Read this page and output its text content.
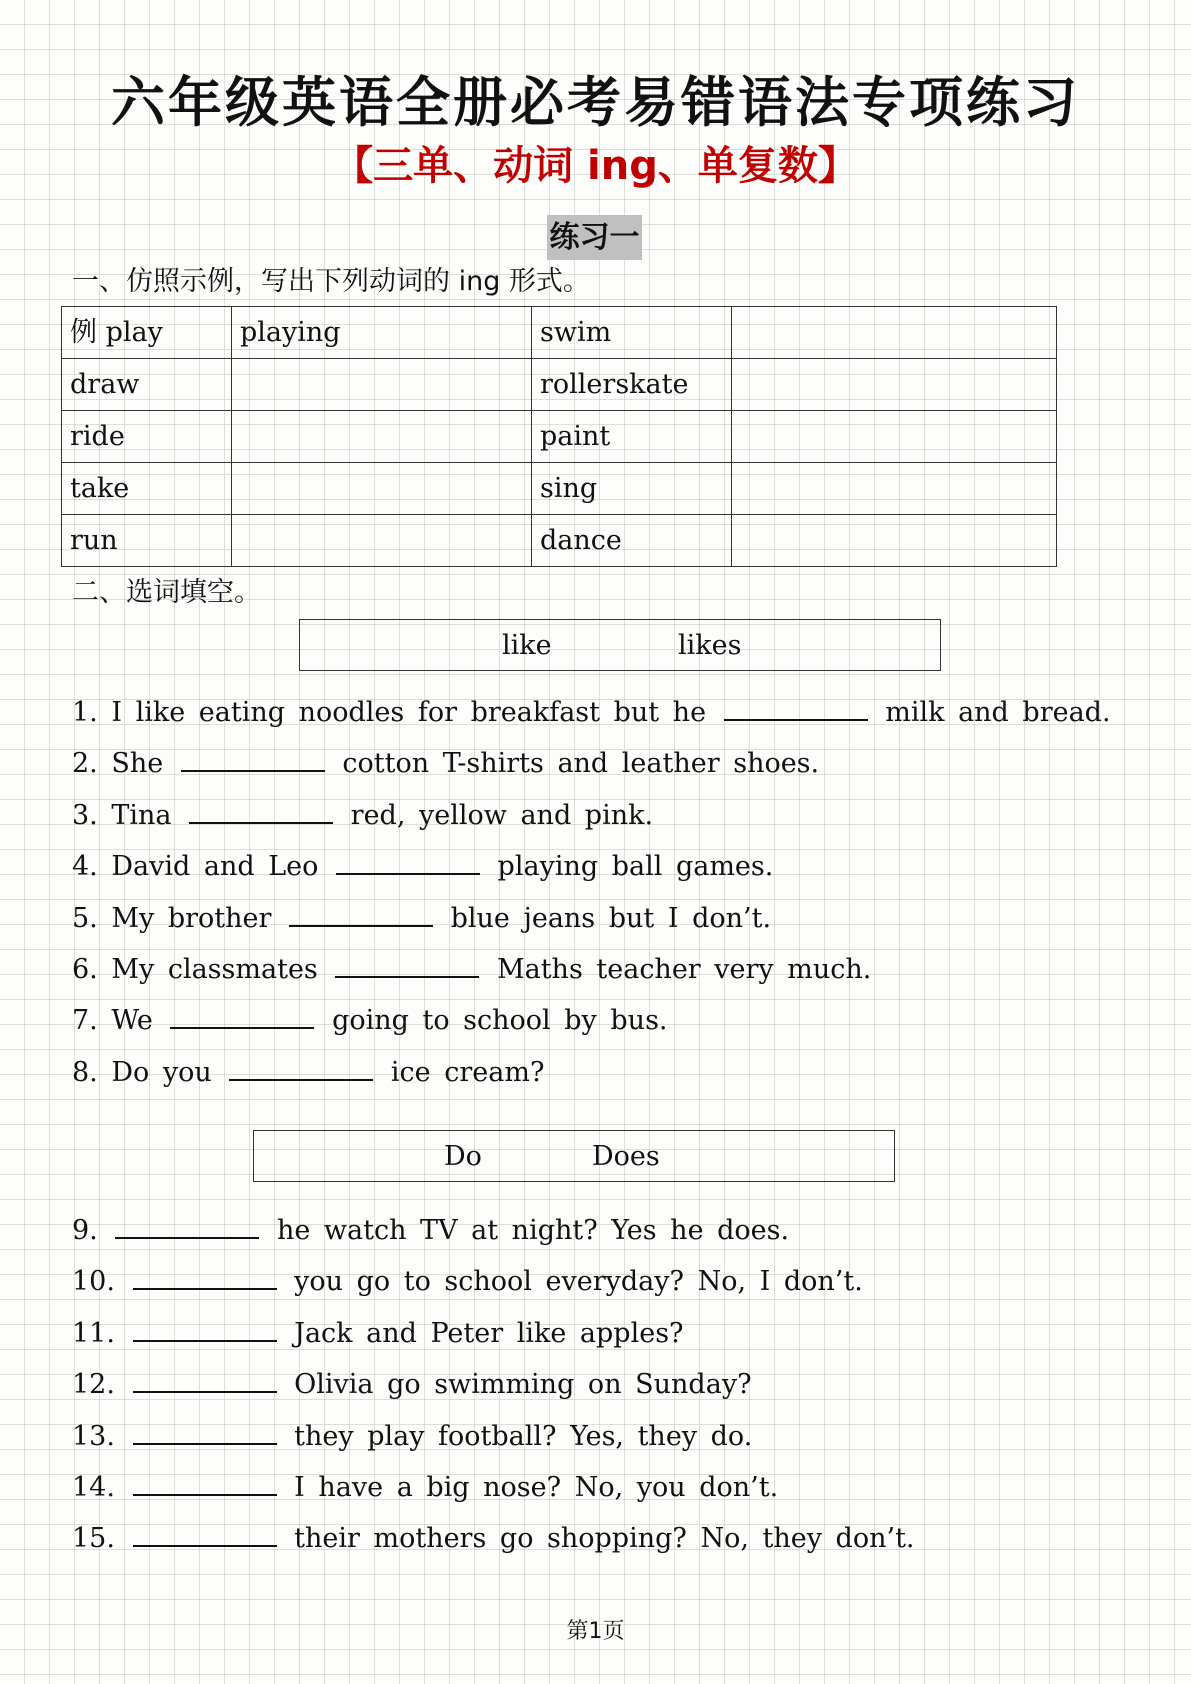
六年级英语全册必考易错语法专项练习
【三单、动词 ing、单复数】
练习一
一、仿照示例，写出下列动词的 ing 形式。
例 play	playing	swim	
draw		rollerskate	
ride		paint	
take		sing	
run		dance	
二、选词填空。
like	likes
1. I like eating noodles for breakfast but he	milk and bread.
2. She	cotton T-shirts and leather shoes.
3. Tina	red, yellow and pink.
4. David and Leo	playing ball games.
5. My brother	blue jeans but I don’t.
6. My classmates	Maths teacher very much.
7. We	going to school by bus.
8. Do you	ice cream?
Do	Does
9.	he watch TV at night? Yes he does.
10.	you go to school everyday? No, I don’t.
11.	Jack and Peter like apples?
12.	Olivia go swimming on Sunday?
13.	they play football? Yes, they do.
14.	I have a big nose? No, you don’t.
15.	their mothers go shopping? No, they don’t.
第1页
